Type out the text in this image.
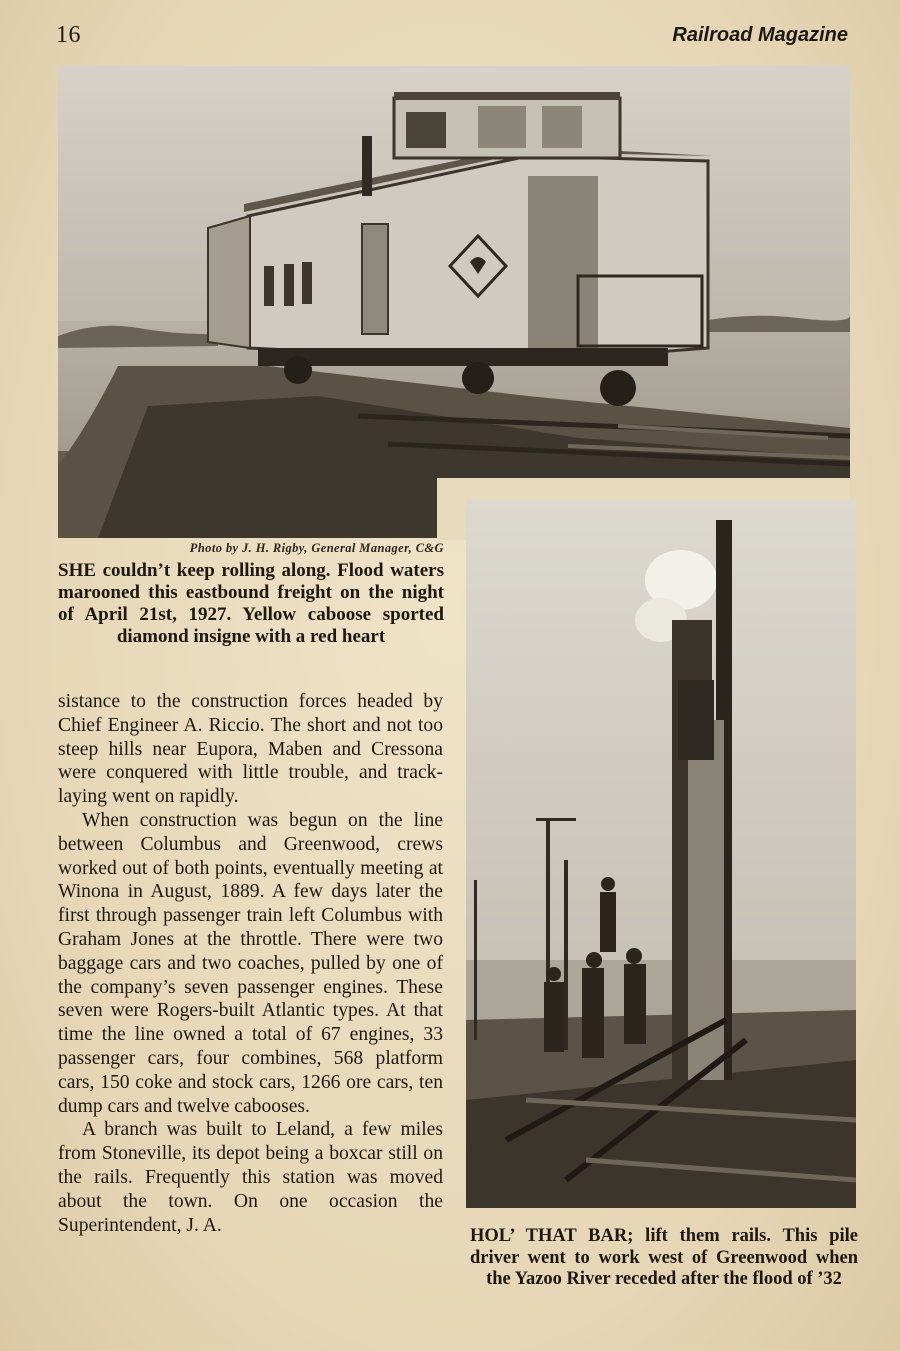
16	Railroad Magazine
Photo by J. H. Rigby, General Manager, C&G
SHE couldn’t keep rolling along. Flood waters marooned this eastbound freight on the night of April 21st, 1927. Yellow caboose sported diamond insigne with a red heart
HOL’ THAT BAR; lift them rails. This pile driver went to work west of Greenwood when the Yazoo River receded after the flood of ’32

sistance to the construction forces headed by Chief Engineer A. Riccio. The short and not too steep hills near Eupora, Maben and Cressona were conquered with little trouble, and track-laying went on rapidly.

When construction was begun on the line between Columbus and Greenwood, crews worked out of both points, eventually meeting at Winona in August, 1889. A few days later the first through passenger train left Columbus with Graham Jones at the throttle. There were two baggage cars and two coaches, pulled by one of the company’s seven passenger engines. These seven were Rogers-built Atlantic types. At that time the line owned a total of 67 engines, 33 passenger cars, four combines, 568 platform cars, 150 coke and stock cars, 1266 ore cars, ten dump cars and twelve cabooses.

A branch was built to Leland, a few miles from Stoneville, its depot being a boxcar still on the rails. Frequently this station was moved about the town. On one occasion the Superintendent, J. A.
